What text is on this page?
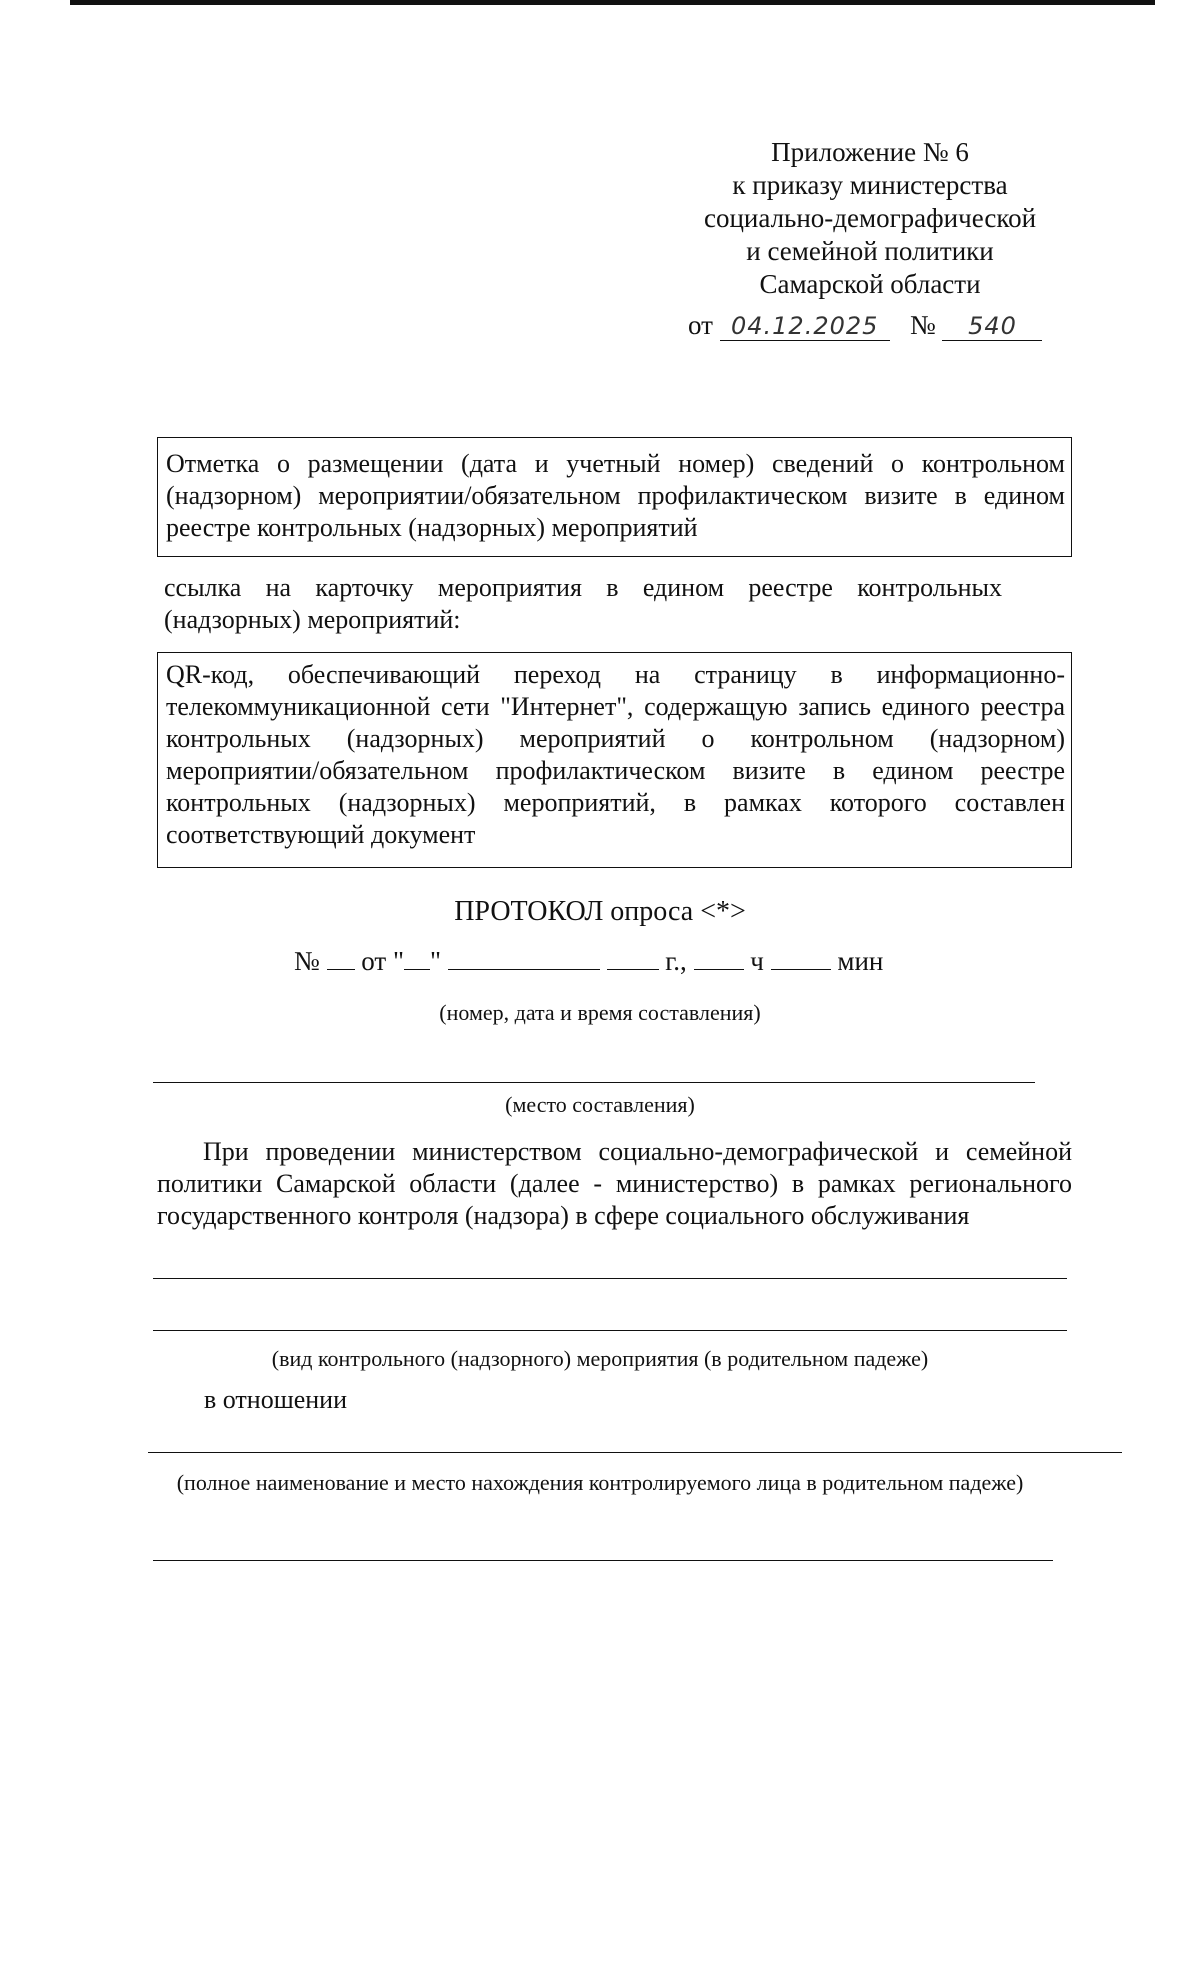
Приложение № 6
к приказу министерства
социально-демографической
и семейной политики
Самарской области
от 04.12.2025 № 540
Отметка о размещении (дата и учетный номер) сведений о контрольном (надзорном) мероприятии/обязательном профилактическом визите в едином реестре контрольных (надзорных) мероприятий
ссылка на карточку мероприятия в едином реестре контрольных (надзорных) мероприятий:
QR-код, обеспечивающий переход на страницу в информационно-телекоммуникационной сети "Интернет", содержащую запись единого реестра контрольных (надзорных) мероприятий о контрольном (надзорном) мероприятии/обязательном профилактическом визите в едином реестре контрольных (надзорных) мероприятий, в рамках которого составлен соответствующий документ
ПРОТОКОЛ опроса <*>
№ от " "	г., ч	мин
(номер, дата и время составления)
(место составления)
При проведении министерством социально-демографической и семейной политики Самарской области (далее - министерство) в рамках регионального государственного контроля (надзора) в сфере социального обслуживания
(вид контрольного (надзорного) мероприятия (в родительном падеже)
в отношении
(полное наименование и место нахождения контролируемого лица в родительном падеже)
